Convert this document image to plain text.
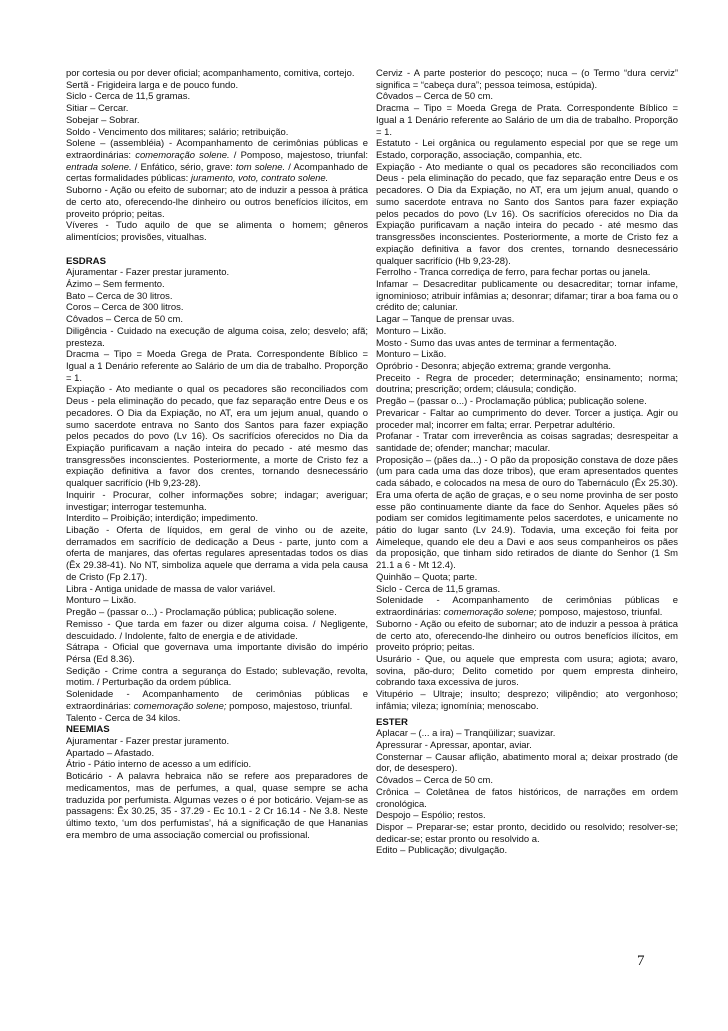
por cortesia ou por dever oficial; acompanhamento, comitiva, cortejo.

Sertã - Frigideira larga e de pouco fundo.

Siclo - Cerca de 11,5 gramas.

Sitiar – Cercar.

Sobejar – Sobrar.

Soldo - Vencimento dos militares; salário; retribuição.

Solene – (assembléia) - Acompanhamento de cerimônias públicas e extraordinárias: comemoração solene. / Pomposo, majestoso, triunfal: entrada solene. / Enfático, sério, grave: tom solene. / Acompanhado de certas formalidades públicas: juramento, voto, contrato solene.

Suborno - Ação ou efeito de subornar; ato de induzir a pessoa à prática de certo ato, oferecendo-lhe dinheiro ou outros benefícios ilícitos, em proveito próprio; peitas.

Víveres - Tudo aquilo de que se alimenta o homem; gêneros alimentícios; provisões, vitualhas.

ESDRAS

Ajuramentar - Fazer prestar juramento.

Ázimo – Sem fermento.

Bato – Cerca de 30 litros.

Coros – Cerca de 300 litros.

Côvados – Cerca de 50 cm.

Diligência - Cuidado na execução de alguma coisa, zelo; desvelo; afã; presteza.

Dracma – Tipo = Moeda Grega de Prata. Correspondente Bíblico = Igual a 1 Denário referente ao Salário de um dia de trabalho. Proporção = 1.

Expiação - Ato mediante o qual os pecadores são reconciliados com Deus - pela eliminação do pecado, que faz separação entre Deus e os pecadores. O Dia da Expiação, no AT, era um jejum anual, quando o sumo sacerdote entrava no Santo dos Santos para fazer expiação pelos pecados do povo (Lv 16). Os sacrifícios oferecidos no Dia da Expiação purificavam a nação inteira do pecado - até mesmo das transgressões inconscientes. Posteriormente, a morte de Cristo fez a expiação definitiva a favor dos crentes, tornando desnecessário qualquer sacrifício (Hb 9,23-28).

Inquirir - Procurar, colher informações sobre; indagar; averiguar; investigar; interrogar testemunha.

Interdito – Proibição; interdição; impedimento.

Libação - Oferta de líquidos, em geral de vinho ou de azeite, derramados em sacrifício de dedicação a Deus - parte, junto com a oferta de manjares, das ofertas regulares apresentadas todos os dias (Êx 29.38-41). No NT, simboliza aquele que derrama a vida pela causa de Cristo (Fp 2.17).

Libra - Antiga unidade de massa de valor variável.

Monturo – Lixão.

Pregão – (passar o...) - Proclamação pública; publicação solene.

Remisso - Que tarda em fazer ou dizer alguma coisa. / Negligente, descuidado. / Indolente, falto de energia e de atividade.

Sátrapa - Oficial que governava uma importante divisão do império Pérsa (Ed 8.36).

Sedição - Crime contra a segurança do Estado; sublevação, revolta, motim. / Perturbação da ordem pública.

Solenidade - Acompanhamento de cerimônias públicas e extraordinárias: comemoração solene; pomposo, majestoso, triunfal.

Talento - Cerca de 34 kilos.

NEEMIAS

Ajuramentar - Fazer prestar juramento.

Apartado – Afastado.

Átrio - Pátio interno de acesso a um edifício.

Boticário - A palavra hebraica não se refere aos preparadores de medicamentos, mas de perfumes, a qual, quase sempre se acha traduzida por perfumista. Algumas vezes o é por boticário. Vejam-se as passagens: Êx 30.25, 35 - 37.29 - Ec 10.1 - 2 Cr 16.14 - Ne 3.8. Neste último texto, ‘um dos perfumistas’, há a significação de que Hananias era membro de uma associação comercial ou profissional.

Cerviz - A parte posterior do pescoço; nuca – (o Termo “dura cerviz” significa = “cabeça dura”; pessoa teimosa, estúpida).

Côvados – Cerca de 50 cm.

Dracma – Tipo = Moeda Grega de Prata. Correspondente Bíblico = Igual a 1 Denário referente ao Salário de um dia de trabalho. Proporção = 1.

Estatuto - Lei orgânica ou regulamento especial por que se rege um Estado, corporação, associação, companhia, etc.

Expiação - Ato mediante o qual os pecadores são reconciliados com Deus - pela eliminação do pecado, que faz separação entre Deus e os pecadores. O Dia da Expiação, no AT, era um jejum anual, quando o sumo sacerdote entrava no Santo dos Santos para fazer expiação pelos pecados do povo (Lv 16). Os sacrifícios oferecidos no Dia da Expiação purificavam a nação inteira do pecado - até mesmo das transgressões inconscientes. Posteriormente, a morte de Cristo fez a expiação definitiva a favor dos crentes, tornando desnecessário qualquer sacrifício (Hb 9,23-28).

Ferrolho - Tranca corrediça de ferro, para fechar portas ou janela.

Infamar – Desacreditar publicamente ou desacreditar; tornar infame, ignominioso; atribuir infâmias a; desonrar; difamar; tirar a boa fama ou o crédito de; caluniar.

Lagar – Tanque de prensar uvas.

Monturo – Lixão.

Mosto - Sumo das uvas antes de terminar a fermentação.

Monturo – Lixão.

Opróbrio - Desonra; abjeção extrema; grande vergonha.

Preceito - Regra de proceder; determinação; ensinamento; norma; doutrina; prescrição; ordem; cláusula; condição.

Pregão – (passar o...) - Proclamação pública; publicação solene.

Prevaricar - Faltar ao cumprimento do dever. Torcer a justiça. Agir ou proceder mal; incorrer em falta; errar. Perpetrar adultério.

Profanar - Tratar com irreverência as coisas sagradas; desrespeitar a santidade de; ofender; manchar; macular.

Proposição – (pães da...) - O pão da proposição constava de doze pães (um para cada uma das doze tribos), que eram apresentados quentes cada sábado, e colocados na mesa de ouro do Tabernáculo (Êx 25.30). Era uma oferta de ação de graças, e o seu nome provinha de ser posto esse pão continuamente diante da face do Senhor. Aqueles pães só podiam ser comidos legitimamente pelos sacerdotes, e unicamente no pátio do lugar santo (Lv 24.9). Todavia, uma exceção foi feita por Aimeleque, quando ele deu a Davi e aos seus companheiros os pães da proposição, que tinham sido retirados de diante do Senhor (1 Sm 21.1 a 6 - Mt 12.4).

Quinhão – Quota; parte.

Siclo - Cerca de 11,5 gramas.

Solenidade - Acompanhamento de cerimônias públicas e extraordinárias: comemoração solene; pomposo, majestoso, triunfal.

Suborno - Ação ou efeito de subornar; ato de induzir a pessoa à prática de certo ato, oferecendo-lhe dinheiro ou outros benefícios ilícitos, em proveito próprio; peitas.

Usurário - Que, ou aquele que empresta com usura; agiota; avaro, sovina, pão-duro; Delito cometido por quem empresta dinheiro, cobrando taxa excessiva de juros.

Vitupério – Ultraje; insulto; desprezo; vilipêndio; ato vergonhoso; infâmia; vileza; ignomínia; menoscabo.

ESTER

Aplacar – (... a ira) – Tranqüilizar; suavizar.

Apressurar - Apressar, apontar, aviar.

Consternar – Causar aflição, abatimento moral a; deixar prostrado (de dor, de desespero).

Côvados – Cerca de 50 cm.

Crônica – Coletânea de fatos históricos, de narrações em ordem cronológica.

Despojo – Espólio; restos.

Dispor – Preparar-se; estar pronto, decidido ou resolvido; resolver-se; dedicar-se; estar pronto ou resolvido a.

Edito – Publicação; divulgação.

7
